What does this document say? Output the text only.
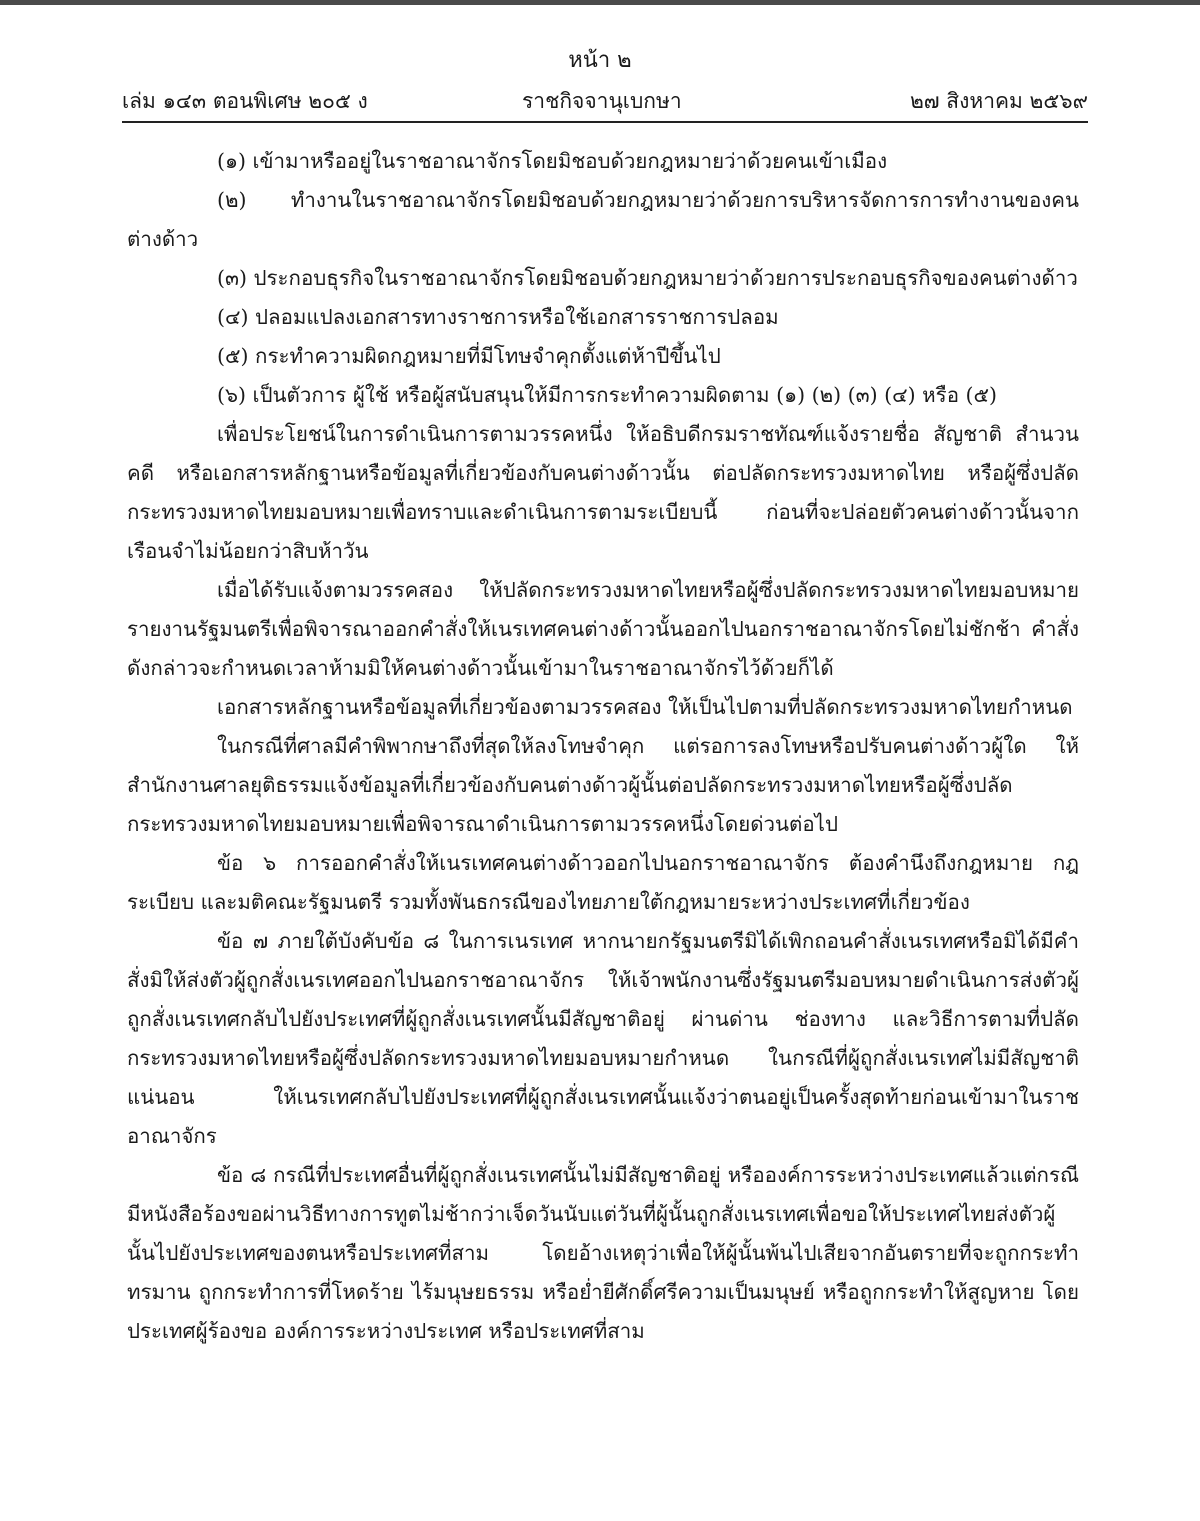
หน้า ๒
เล่ม ๑๔๓ ตอนพิเศษ ๒๐๕ ง	ราชกิจจานุเบกษา	๒๗ สิงหาคม ๒๕๖๙

(๑) เข้ามาหรืออยู่ในราชอาณาจักรโดยมิชอบด้วยกฎหมายว่าด้วยคนเข้าเมือง

(๒) ทำงานในราชอาณาจักรโดยมิชอบด้วยกฎหมายว่าด้วยการบริหารจัดการการทำงานของคนต่างด้าว

(๓) ประกอบธุรกิจในราชอาณาจักรโดยมิชอบด้วยกฎหมายว่าด้วยการประกอบธุรกิจของคนต่างด้าว

(๔) ปลอมแปลงเอกสารทางราชการหรือใช้เอกสารราชการปลอม

(๕) กระทำความผิดกฎหมายที่มีโทษจำคุกตั้งแต่ห้าปีขึ้นไป

(๖) เป็นตัวการ ผู้ใช้ หรือผู้สนับสนุนให้มีการกระทำความผิดตาม (๑) (๒) (๓) (๔) หรือ (๕)

เพื่อประโยชน์ในการดำเนินการตามวรรคหนึ่ง ให้อธิบดีกรมราชทัณฑ์แจ้งรายชื่อ สัญชาติ สำนวนคดี หรือเอกสารหลักฐานหรือข้อมูลที่เกี่ยวข้องกับคนต่างด้าวนั้น ต่อปลัดกระทรวงมหาดไทย หรือผู้ซึ่งปลัดกระทรวงมหาดไทยมอบหมายเพื่อทราบและดำเนินการตามระเบียบนี้ ก่อนที่จะปล่อยตัวคนต่างด้าวนั้นจากเรือนจำไม่น้อยกว่าสิบห้าวัน

เมื่อได้รับแจ้งตามวรรคสอง ให้ปลัดกระทรวงมหาดไทยหรือผู้ซึ่งปลัดกระทรวงมหาดไทยมอบหมายรายงานรัฐมนตรีเพื่อพิจารณาออกคำสั่งให้เนรเทศคนต่างด้าวนั้นออกไปนอกราชอาณาจักรโดยไม่ชักช้า คำสั่งดังกล่าวจะกำหนดเวลาห้ามมิให้คนต่างด้าวนั้นเข้ามาในราชอาณาจักรไว้ด้วยก็ได้

เอกสารหลักฐานหรือข้อมูลที่เกี่ยวข้องตามวรรคสอง ให้เป็นไปตามที่ปลัดกระทรวงมหาดไทยกำหนด

ในกรณีที่ศาลมีคำพิพากษาถึงที่สุดให้ลงโทษจำคุก แต่รอการลงโทษหรือปรับคนต่างด้าวผู้ใด ให้สำนักงานศาลยุติธรรมแจ้งข้อมูลที่เกี่ยวข้องกับคนต่างด้าวผู้นั้นต่อปลัดกระทรวงมหาดไทยหรือผู้ซึ่งปลัดกระทรวงมหาดไทยมอบหมายเพื่อพิจารณาดำเนินการตามวรรคหนึ่งโดยด่วนต่อไป

ข้อ ๖ การออกคำสั่งให้เนรเทศคนต่างด้าวออกไปนอกราชอาณาจักร ต้องคำนึงถึงกฎหมาย กฎระเบียบ และมติคณะรัฐมนตรี รวมทั้งพันธกรณีของไทยภายใต้กฎหมายระหว่างประเทศที่เกี่ยวข้อง

ข้อ ๗ ภายใต้บังคับข้อ ๘ ในการเนรเทศ หากนายกรัฐมนตรีมิได้เพิกถอนคำสั่งเนรเทศหรือมิได้มีคำสั่งมิให้ส่งตัวผู้ถูกสั่งเนรเทศออกไปนอกราชอาณาจักร ให้เจ้าพนักงานซึ่งรัฐมนตรีมอบหมายดำเนินการส่งตัวผู้ถูกสั่งเนรเทศกลับไปยังประเทศที่ผู้ถูกสั่งเนรเทศนั้นมีสัญชาติอยู่ ผ่านด่าน ช่องทาง และวิธีการตามที่ปลัดกระทรวงมหาดไทยหรือผู้ซึ่งปลัดกระทรวงมหาดไทยมอบหมายกำหนด ในกรณีที่ผู้ถูกสั่งเนรเทศไม่มีสัญชาติแน่นอน ให้เนรเทศกลับไปยังประเทศที่ผู้ถูกสั่งเนรเทศนั้นแจ้งว่าตนอยู่เป็นครั้งสุดท้ายก่อนเข้ามาในราชอาณาจักร

ข้อ ๘ กรณีที่ประเทศอื่นที่ผู้ถูกสั่งเนรเทศนั้นไม่มีสัญชาติอยู่ หรือองค์การระหว่างประเทศแล้วแต่กรณี มีหนังสือร้องขอผ่านวิธีทางการทูตไม่ช้ากว่าเจ็ดวันนับแต่วันที่ผู้นั้นถูกสั่งเนรเทศเพื่อขอให้ประเทศไทยส่งตัวผู้นั้นไปยังประเทศของตนหรือประเทศที่สาม โดยอ้างเหตุว่าเพื่อให้ผู้นั้นพ้นไปเสียจากอันตรายที่จะถูกกระทำทรมาน ถูกกระทำการที่โหดร้าย ไร้มนุษยธรรม หรือย่ำยีศักดิ์ศรีความเป็นมนุษย์ หรือถูกกระทำให้สูญหาย โดยประเทศผู้ร้องขอ องค์การระหว่างประเทศ หรือประเทศที่สาม
